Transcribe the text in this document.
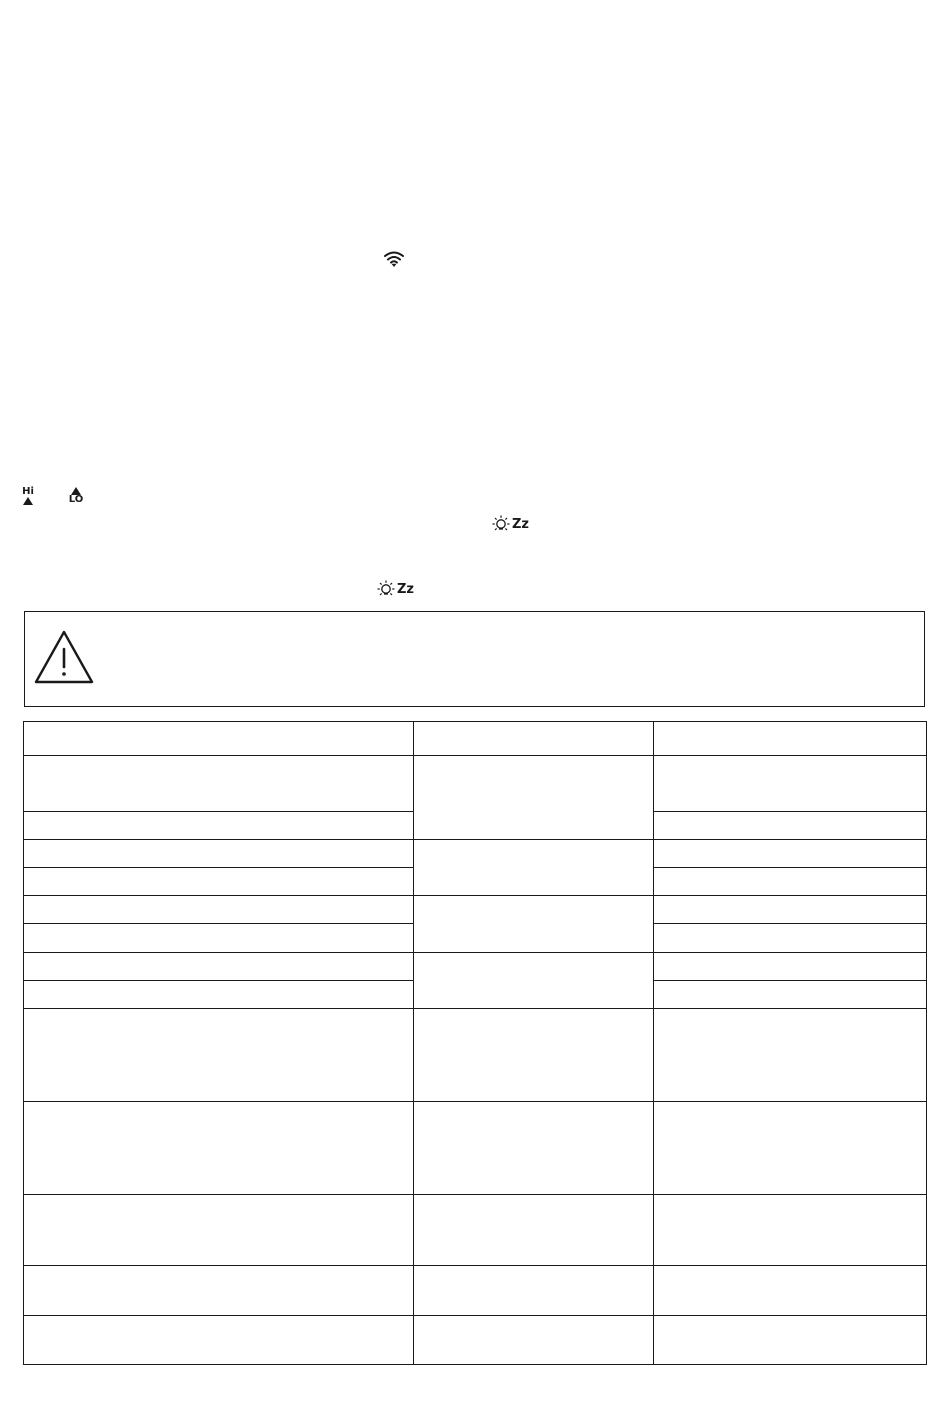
Hi
LO
Zz
Zz
